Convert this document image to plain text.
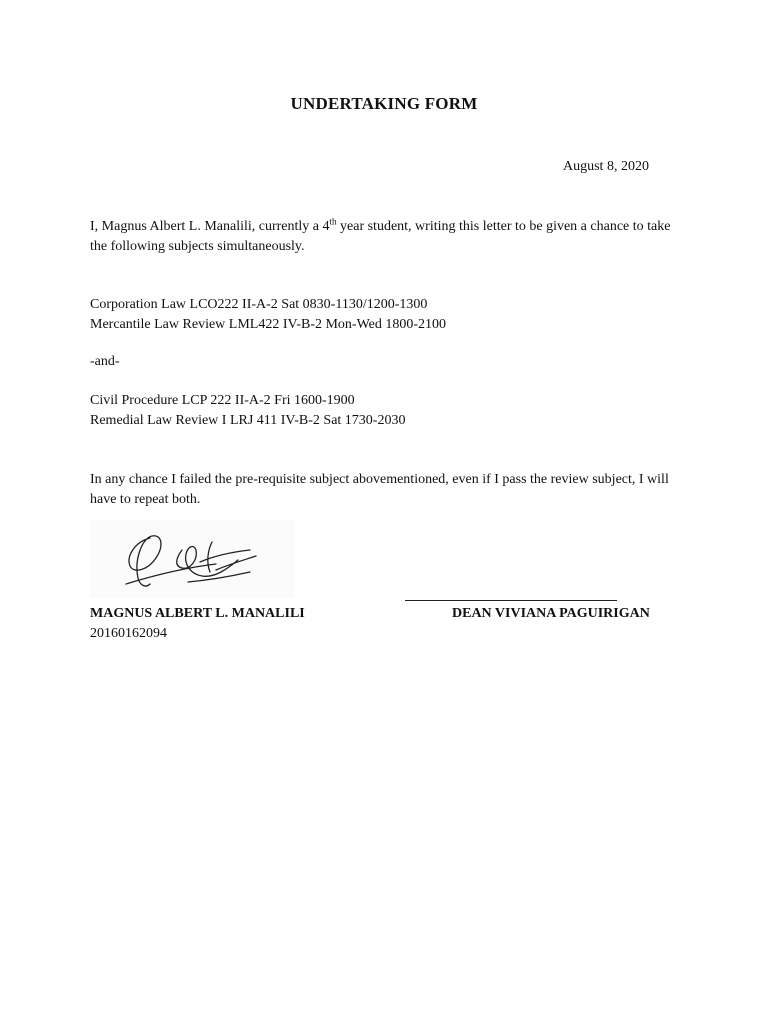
UNDERTAKING FORM
August 8, 2020
I, Magnus Albert L. Manalili, currently a 4th year student, writing this letter to be given a chance to take the following subjects simultaneously.
Corporation Law LCO222 II-A-2 Sat 0830-1130/1200-1300
Mercantile Law Review LML422 IV-B-2 Mon-Wed 1800-2100
-and-
Civil Procedure LCP 222 II-A-2 Fri 1600-1900
Remedial Law Review I LRJ 411 IV-B-2 Sat 1730-2030
In any chance I failed the pre-requisite subject abovementioned, even if I pass the review subject, I will have to repeat both.
MAGNUS ALBERT L. MANALILI	DEAN VIVIANA PAGUIRIGAN
20160162094
